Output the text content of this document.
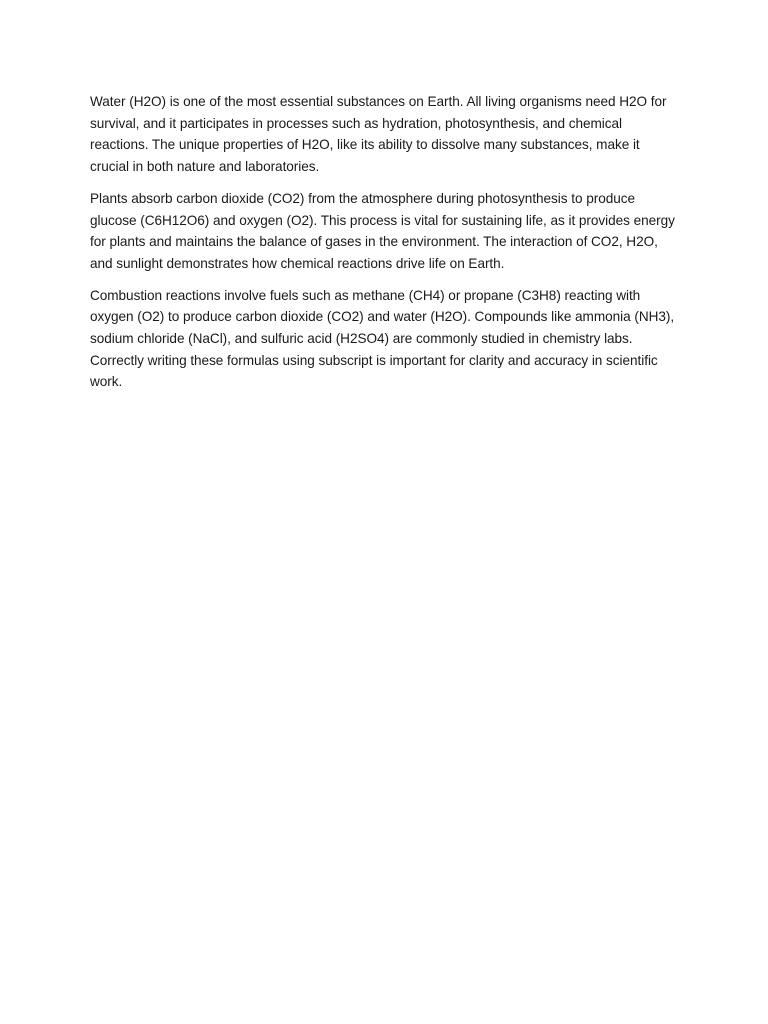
Water (H2O) is one of the most essential substances on Earth. All living organisms need H2O for survival, and it participates in processes such as hydration, photosynthesis, and chemical reactions. The unique properties of H2O, like its ability to dissolve many substances, make it crucial in both nature and laboratories.

Plants absorb carbon dioxide (CO2) from the atmosphere during photosynthesis to produce glucose (C6H12O6) and oxygen (O2). This process is vital for sustaining life, as it provides energy for plants and maintains the balance of gases in the environment. The interaction of CO2, H2O, and sunlight demonstrates how chemical reactions drive life on Earth.

Combustion reactions involve fuels such as methane (CH4) or propane (C3H8) reacting with oxygen (O2) to produce carbon dioxide (CO2) and water (H2O). Compounds like ammonia (NH3), sodium chloride (NaCl), and sulfuric acid (H2SO4) are commonly studied in chemistry labs. Correctly writing these formulas using subscript is important for clarity and accuracy in scientific work.
